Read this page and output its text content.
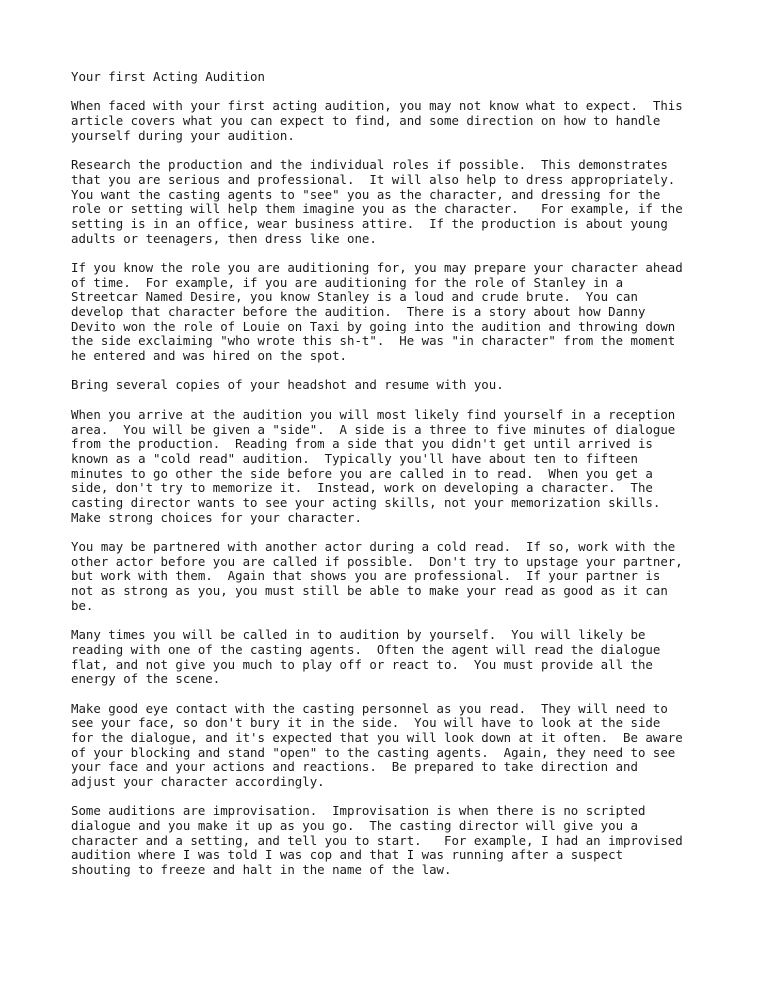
Your first Acting Audition
When faced with your first acting audition, you may not know what to expect.  This
article covers what you can expect to find, and some direction on how to handle
yourself during your audition.
Research the production and the individual roles if possible.  This demonstrates
that you are serious and professional.  It will also help to dress appropriately.
You want the casting agents to "see" you as the character, and dressing for the
role or setting will help them imagine you as the character.   For example, if the
setting is in an office, wear business attire.  If the production is about young
adults or teenagers, then dress like one.
If you know the role you are auditioning for, you may prepare your character ahead
of time.  For example, if you are auditioning for the role of Stanley in a
Streetcar Named Desire, you know Stanley is a loud and crude brute.  You can
develop that character before the audition.  There is a story about how Danny
Devito won the role of Louie on Taxi by going into the audition and throwing down
the side exclaiming "who wrote this sh-t".  He was "in character" from the moment
he entered and was hired on the spot.
Bring several copies of your headshot and resume with you.
When you arrive at the audition you will most likely find yourself in a reception
area.  You will be given a "side".  A side is a three to five minutes of dialogue
from the production.  Reading from a side that you didn't get until arrived is
known as a "cold read" audition.  Typically you'll have about ten to fifteen
minutes to go other the side before you are called in to read.  When you get a
side, don't try to memorize it.  Instead, work on developing a character.  The
casting director wants to see your acting skills, not your memorization skills.
Make strong choices for your character.
You may be partnered with another actor during a cold read.  If so, work with the
other actor before you are called if possible.  Don't try to upstage your partner,
but work with them.  Again that shows you are professional.  If your partner is
not as strong as you, you must still be able to make your read as good as it can
be.
Many times you will be called in to audition by yourself.  You will likely be
reading with one of the casting agents.  Often the agent will read the dialogue
flat, and not give you much to play off or react to.  You must provide all the
energy of the scene.
Make good eye contact with the casting personnel as you read.  They will need to
see your face, so don't bury it in the side.  You will have to look at the side
for the dialogue, and it's expected that you will look down at it often.  Be aware
of your blocking and stand "open" to the casting agents.  Again, they need to see
your face and your actions and reactions.  Be prepared to take direction and
adjust your character accordingly.
Some auditions are improvisation.  Improvisation is when there is no scripted
dialogue and you make it up as you go.  The casting director will give you a
character and a setting, and tell you to start.   For example, I had an improvised
audition where I was told I was cop and that I was running after a suspect
shouting to freeze and halt in the name of the law.
